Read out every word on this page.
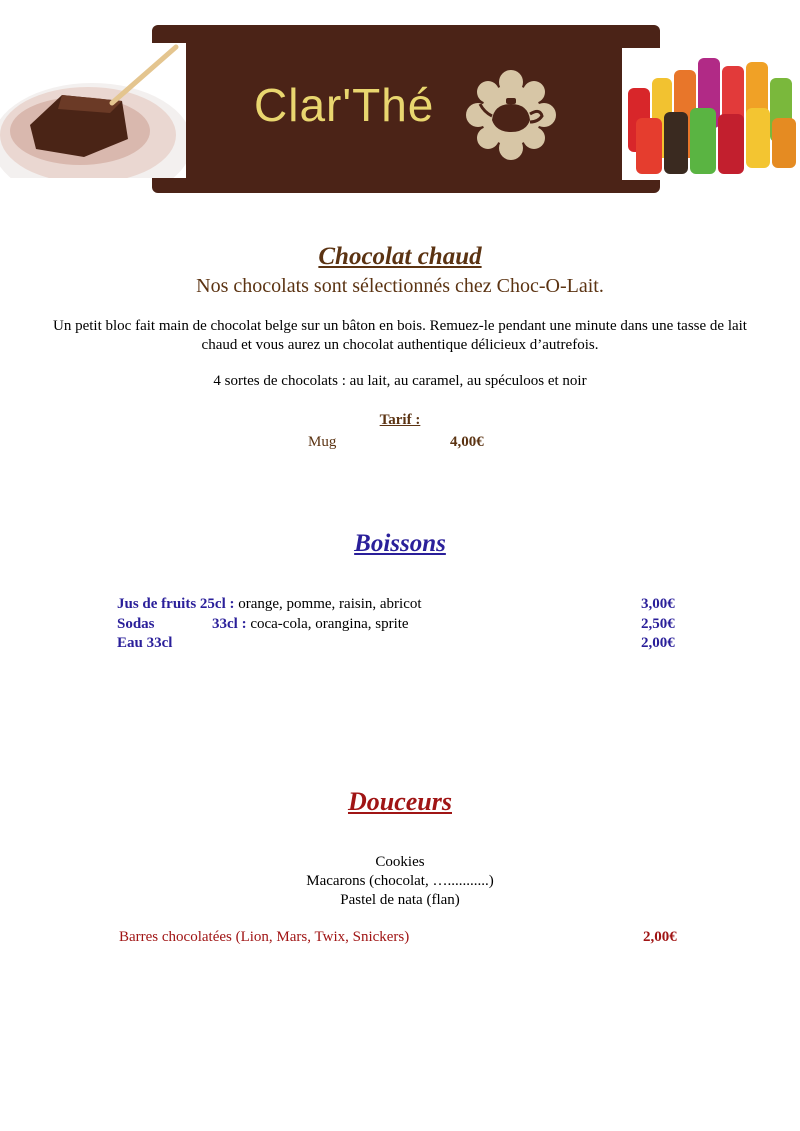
Clar'Thé
Chocolat chaud
Nos chocolats sont sélectionnés chez Choc-O-Lait.
Un petit bloc fait main de chocolat belge sur un bâton en bois. Remuez-le pendant une minute dans une tasse de lait
chaud et vous aurez un chocolat authentique délicieux d’autrefois.
4 sortes de chocolats : au lait, au caramel, au spéculoos et noir
Tarif :
Mug	4,00€
Boissons
Jus de fruits 25cl : orange, pomme, raisin, abricot	3,00€
Sodas	33cl : coca-cola, orangina, sprite	2,50€
Eau 33cl	2,00€
Douceurs
Cookies
Macarons (chocolat, …...........)
Pastel de nata (flan)
Barres chocolatées (Lion, Mars, Twix, Snickers)	2,00€
